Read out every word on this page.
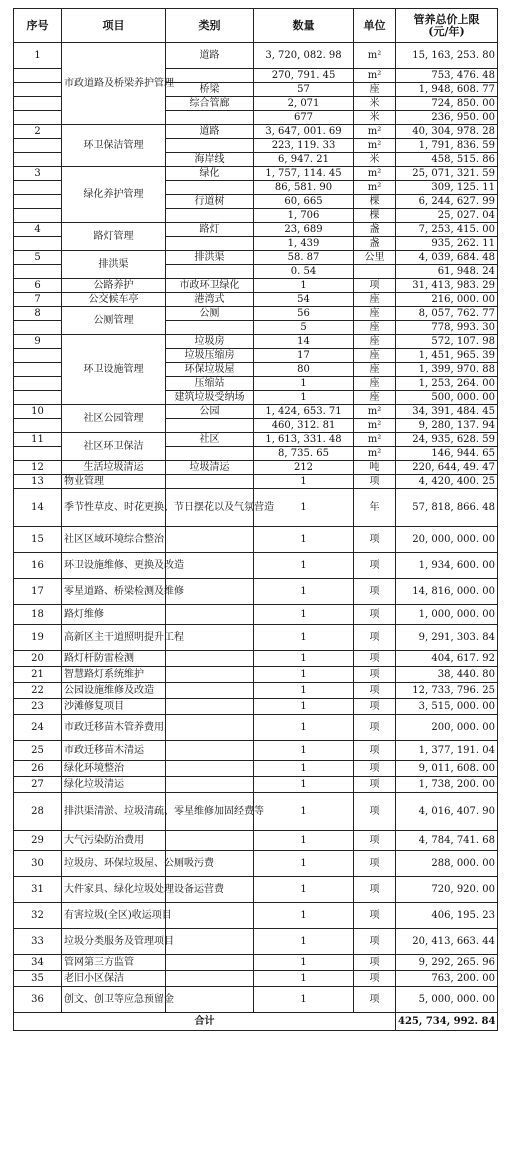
序号	项目	类别	数量	单位	管养总价上限
(元/年)
1	市政道路及桥梁养护管理	道路	3, 720, 082. 98	m²	15, 163, 253. 80
			270, 791. 45	m²	753, 476. 48
		桥梁	57	座	1, 948, 608. 77
		综合管廊	2, 071	米	724, 850. 00
			677	米	236, 950. 00
2	环卫保洁管理	道路	3, 647, 001. 69	m²	40, 304, 978. 28
			223, 119. 33	m²	1, 791, 836. 59
		海岸线	6, 947. 21	米	458, 515. 86
3	绿化养护管理	绿化	1, 757, 114. 45	m²	25, 071, 321. 59
			86, 581. 90	m²	309, 125. 11
		行道树	60, 665	棵	6, 244, 627. 99
			1, 706	棵	25, 027. 04
4	路灯管理	路灯	23, 689	盏	7, 253, 415. 00
			1, 439	盏	935, 262. 11
5	排洪渠	排洪渠	58. 87	公里	4, 039, 684. 48
			0. 54		61, 948. 24
6	公路养护	市政环卫绿化	1	项	31, 413, 983. 29
7	公交候车亭	港湾式	54	座	216, 000. 00
8	公厕管理	公厕	56	座	8, 057, 762. 77
			5	座	778, 993. 30
9	环卫设施管理	垃圾房	14	座	572, 107. 98
		垃圾压缩房	17	座	1, 451, 965. 39
		环保垃圾屋	80	座	1, 399, 970. 88
		压缩站	1	座	1, 253, 264. 00
		建筑垃圾受纳场	1	座	500, 000. 00
10	社区公园管理	公园	1, 424, 653. 71	m²	34, 391, 484. 45
			460, 312. 81	m²	9, 280, 137. 94
11	社区环卫保洁	社区	1, 613, 331. 48	m²	24, 935, 628. 59
			8, 735. 65	m²	146, 944. 65
12	生活垃圾清运	垃圾清运	212	吨	220, 644, 49. 47
13	物业管理		1	项	4, 420, 400. 25
14	季节性草皮、时花更换、节日摆花以及气氛营造		1	年	57, 818, 866. 48
15	社区区域环境综合整治		1	项	20, 000, 000. 00
16	环卫设施维修、更换及改造		1	项	1, 934, 600. 00
17	零星道路、桥梁检测及维修		1	项	14, 816, 000. 00
18	路灯维修		1	项	1, 000, 000. 00
19	高新区主干道照明提升工程		1	项	9, 291, 303. 84
20	路灯杆防雷检测		1	项	404, 617. 92
21	智慧路灯系统维护		1	项	38, 440. 80
22	公园设施维修及改造		1	项	12, 733, 796. 25
23	沙滩修复项目		1	项	3, 515, 000. 00
24	市政迁移苗木管养费用		1	项	200, 000. 00
25	市政迁移苗木清运		1	项	1, 377, 191. 04
26	绿化环境整治		1	项	9, 011, 608. 00
27	绿化垃圾清运		1	项	1, 738, 200. 00
28	排洪渠清淤、垃圾清疏、零星维修加固经费等		1	项	4, 016, 407. 90
29	大气污染防治费用		1	项	4, 784, 741. 68
30	垃圾房、环保垃圾屋、公厕吸污费		1	项	288, 000. 00
31	大件家具、绿化垃圾处理设备运营费		1	项	720, 920. 00
32	有害垃圾(全区)收运项目		1	项	406, 195. 23
33	垃圾分类服务及管理项目		1	项	20, 413, 663. 44
34	管网第三方监管		1	项	9, 292, 265. 96
35	老旧小区保洁		1	项	763, 200. 00
36	创文、创卫等应急预留金		1	项	5, 000, 000. 00
合计					425, 734, 992. 84
